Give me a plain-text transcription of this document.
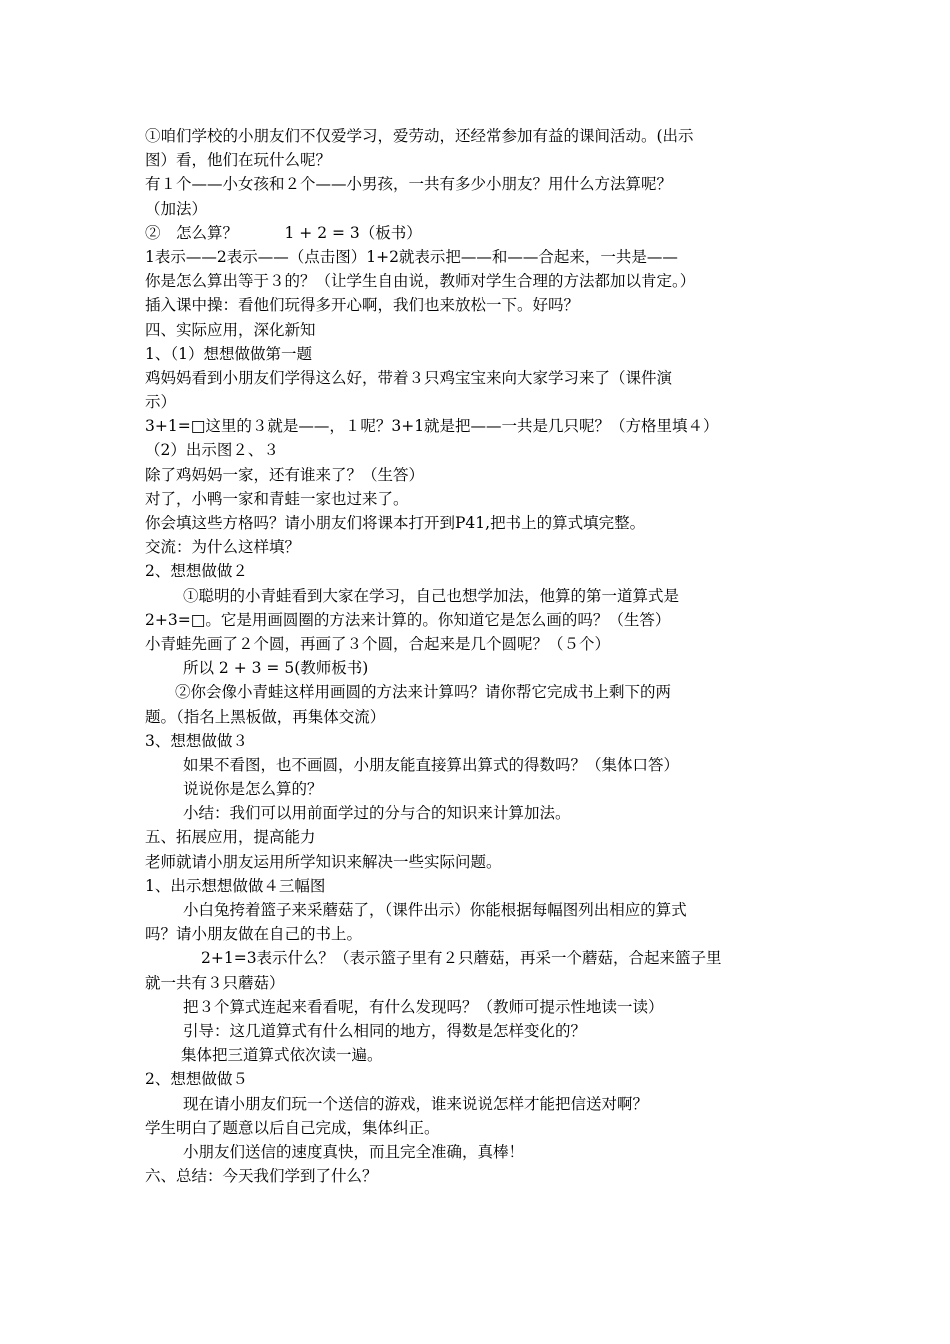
①咱们学校的小朋友们不仅爱学习，爱劳动，还经常参加有益的课间活动。(出示
图）看，他们在玩什么呢？
有１个——小女孩和２个——小男孩，一共有多少小朋友？用什么方法算呢？
（加法）
②　怎么算？　　　1 + 2 = 3（板书）
1表示——2表示——（点击图）1+2就表示把——和——合起来，一共是——
你是怎么算出等于３的？（让学生自由说，教师对学生合理的方法都加以肯定。）
插入课中操：看他们玩得多开心啊，我们也来放松一下。好吗？
四、实际应用，深化新知
1、（1）想想做做第一题
鸡妈妈看到小朋友们学得这么好，带着３只鸡宝宝来向大家学习来了（课件演
示）
3+1=□这里的３就是——，１呢？3+1就是把——一共是几只呢？（方格里填４）
（2）出示图２、３
除了鸡妈妈一家，还有谁来了？（生答）
对了，小鸭一家和青蛙一家也过来了。
你会填这些方格吗？请小朋友们将课本打开到P41,把书上的算式填完整。
交流：为什么这样填？
2、想想做做２
①聪明的小青蛙看到大家在学习，自己也想学加法，他算的第一道算式是
2+3=□。它是用画圆圈的方法来计算的。你知道它是怎么画的吗？（生答）
小青蛙先画了２个圆，再画了３个圆，合起来是几个圆呢？（５个）
所以 2 + 3 = 5(教师板书)
②你会像小青蛙这样用画圆的方法来计算吗？请你帮它完成书上剩下的两
题。（指名上黑板做，再集体交流）
3、想想做做３
如果不看图，也不画圆，小朋友能直接算出算式的得数吗？（集体口答）
说说你是怎么算的？
小结：我们可以用前面学过的分与合的知识来计算加法。
五、拓展应用，提高能力
老师就请小朋友运用所学知识来解决一些实际问题。
1、出示想想做做４三幅图
小白兔挎着篮子来采蘑菇了，（课件出示）你能根据每幅图列出相应的算式
吗？请小朋友做在自己的书上。
2+1=3表示什么？（表示篮子里有２只蘑菇，再采一个蘑菇，合起来篮子里
就一共有３只蘑菇）
把３个算式连起来看看呢，有什么发现吗？（教师可提示性地读一读）
引导：这几道算式有什么相同的地方，得数是怎样变化的？
集体把三道算式依次读一遍。
2、想想做做５
现在请小朋友们玩一个送信的游戏，谁来说说怎样才能把信送对啊？
学生明白了题意以后自己完成，集体纠正。
小朋友们送信的速度真快，而且完全准确，真棒！
六、总结：今天我们学到了什么？
